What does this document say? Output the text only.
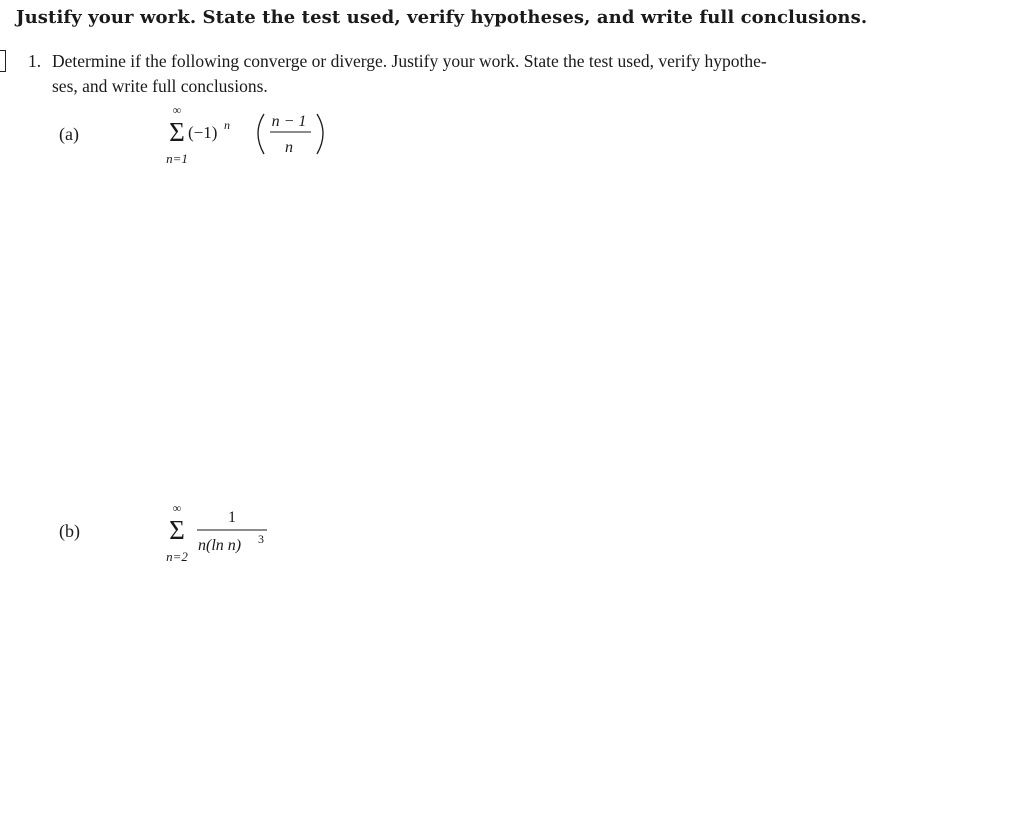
Justify your work. State the test used, verify hypotheses, and write full conclusions.
1. Determine if the following converge or diverge. Justify your work. State the test used, verify hypothe-
ses, and write full conclusions.
(a)
∞
Σ
n=1
(−1) n	n − 1
n
(b)
∞
Σ
n=2
1
n(ln n) 3
